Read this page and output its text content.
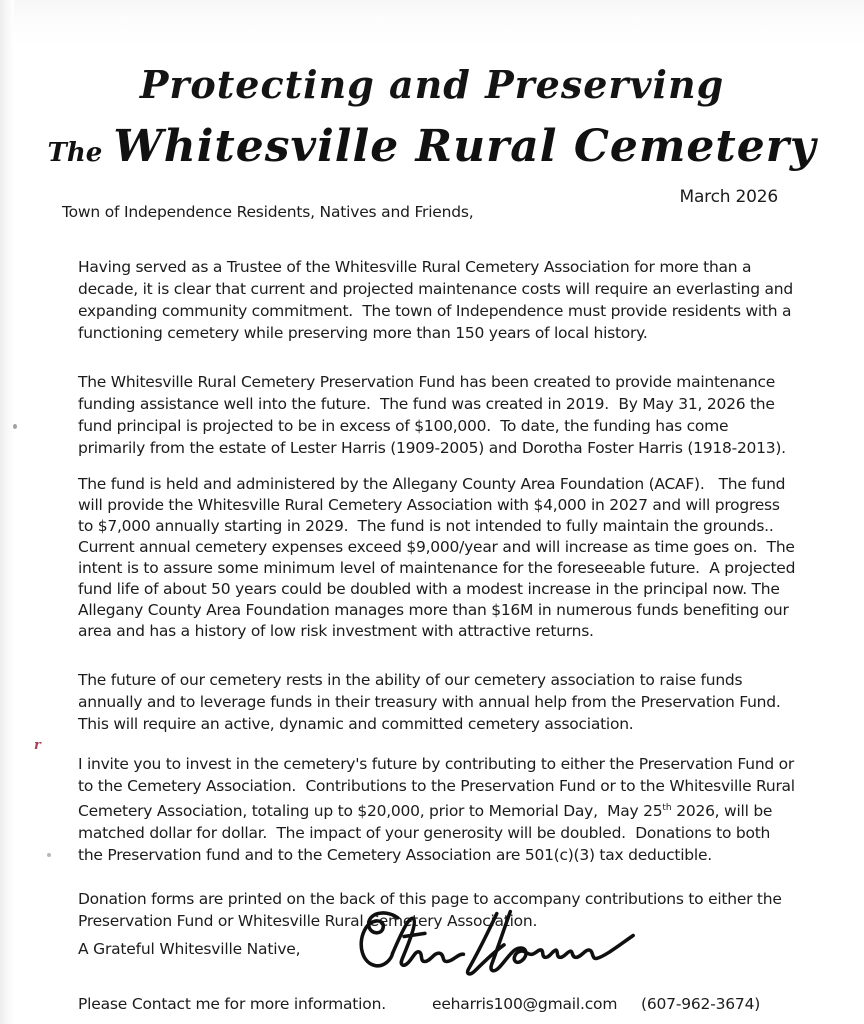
Protecting and Preserving
The Whitesville Rural Cemetery
March 2026
Town of Independence Residents, Natives and Friends,

Having served as a Trustee of the Whitesville Rural Cemetery Association for more than a decade, it is clear that current and projected maintenance costs will require an everlasting and expanding community commitment.  The town of Independence must provide residents with a functioning cemetery while preserving more than 150 years of local history.

The Whitesville Rural Cemetery Preservation Fund has been created to provide maintenance funding assistance well into the future.  The fund was created in 2019.  By May 31, 2026 the fund principal is projected to be in excess of $100,000.  To date, the funding has come primarily from the estate of Lester Harris (1909-2005) and Dorotha Foster Harris (1918-2013).

The fund is held and administered by the Allegany County Area Foundation (ACAF).   The fund will provide the Whitesville Rural Cemetery Association with $4,000 in 2027 and will progress to $7,000 annually starting in 2029.  The fund is not intended to fully maintain the grounds..  Current annual cemetery expenses exceed $9,000/year and will increase as time goes on.  The intent is to assure some minimum level of maintenance for the foreseeable future.  A projected fund life of about 50 years could be doubled with a modest increase in the principal now. The Allegany County Area Foundation manages more than $16M in numerous funds benefiting our area and has a history of low risk investment with attractive returns.

The future of our cemetery rests in the ability of our cemetery association to raise funds annually and to leverage funds in their treasury with annual help from the Preservation Fund.  This will require an active, dynamic and committed cemetery association.

r

I invite you to invest in the cemetery's future by contributing to either the Preservation Fund or to the Cemetery Association.  Contributions to the Preservation Fund or to the Whitesville Rural Cemetery Association, totaling up to $20,000, prior to Memorial Day,  May 25th 2026, will be matched dollar for dollar.  The impact of your generosity will be doubled.  Donations to both the Preservation fund and to the Cemetery Association are 501(c)(3) tax deductible.

Donation forms are printed on the back of this page to accompany contributions to either the Preservation Fund or Whitesville Rural Cemetery Association.

A Grateful Whitesville Native,
Please Contact me for more information.	eeharris100@gmail.com (607-962-3674)
